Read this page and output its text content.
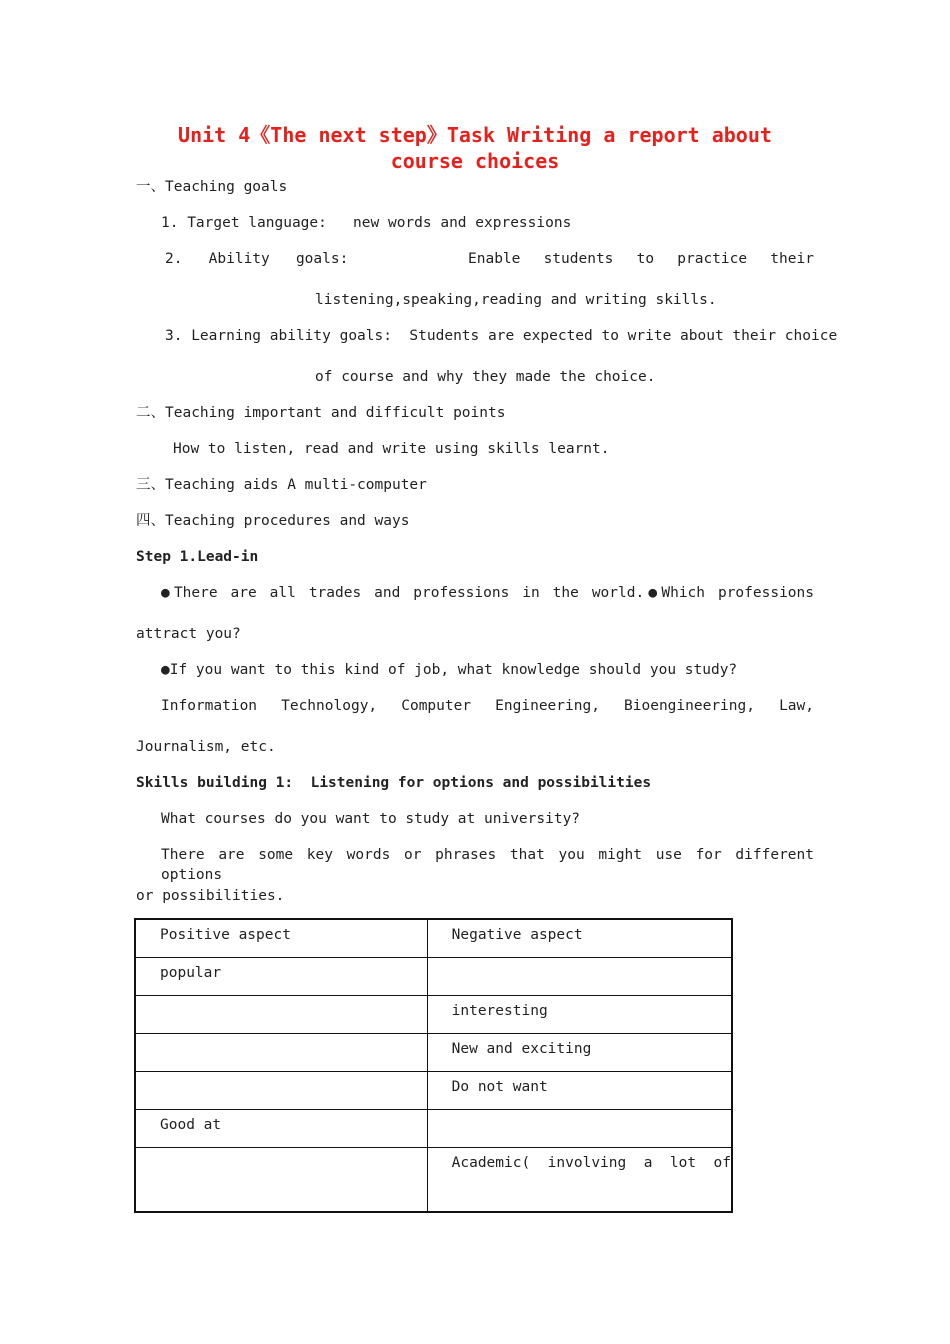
Unit 4《The next step》Task Writing a report about course choices
一、Teaching goals
1. Target language:   new words and expressions
2.   Ability   goals:	Enable students to practice their
listening,speaking,reading and writing skills.
3. Learning ability goals:  Students are expected to write about their choice
of course and why they made the choice.
二、Teaching important and difficult points
How to listen, read and write using skills learnt.
三、Teaching aids A multi-computer
四、Teaching procedures and ways
Step 1.Lead-in
●There are all trades and professions in the world.●Which professions
attract you?
●If you want to this kind of job, what knowledge should you study?
Information Technology, Computer Engineering, Bioengineering, Law,
Journalism, etc.
Skills building 1:  Listening for options and possibilities
What courses do you want to study at university?
There are some key words or phrases that you might use for different options
or possibilities.
Positive aspect	Negative aspect
popular	
	interesting
	New and exciting
	Do not want
Good at	
	Academic(  involving  a  lot  of
